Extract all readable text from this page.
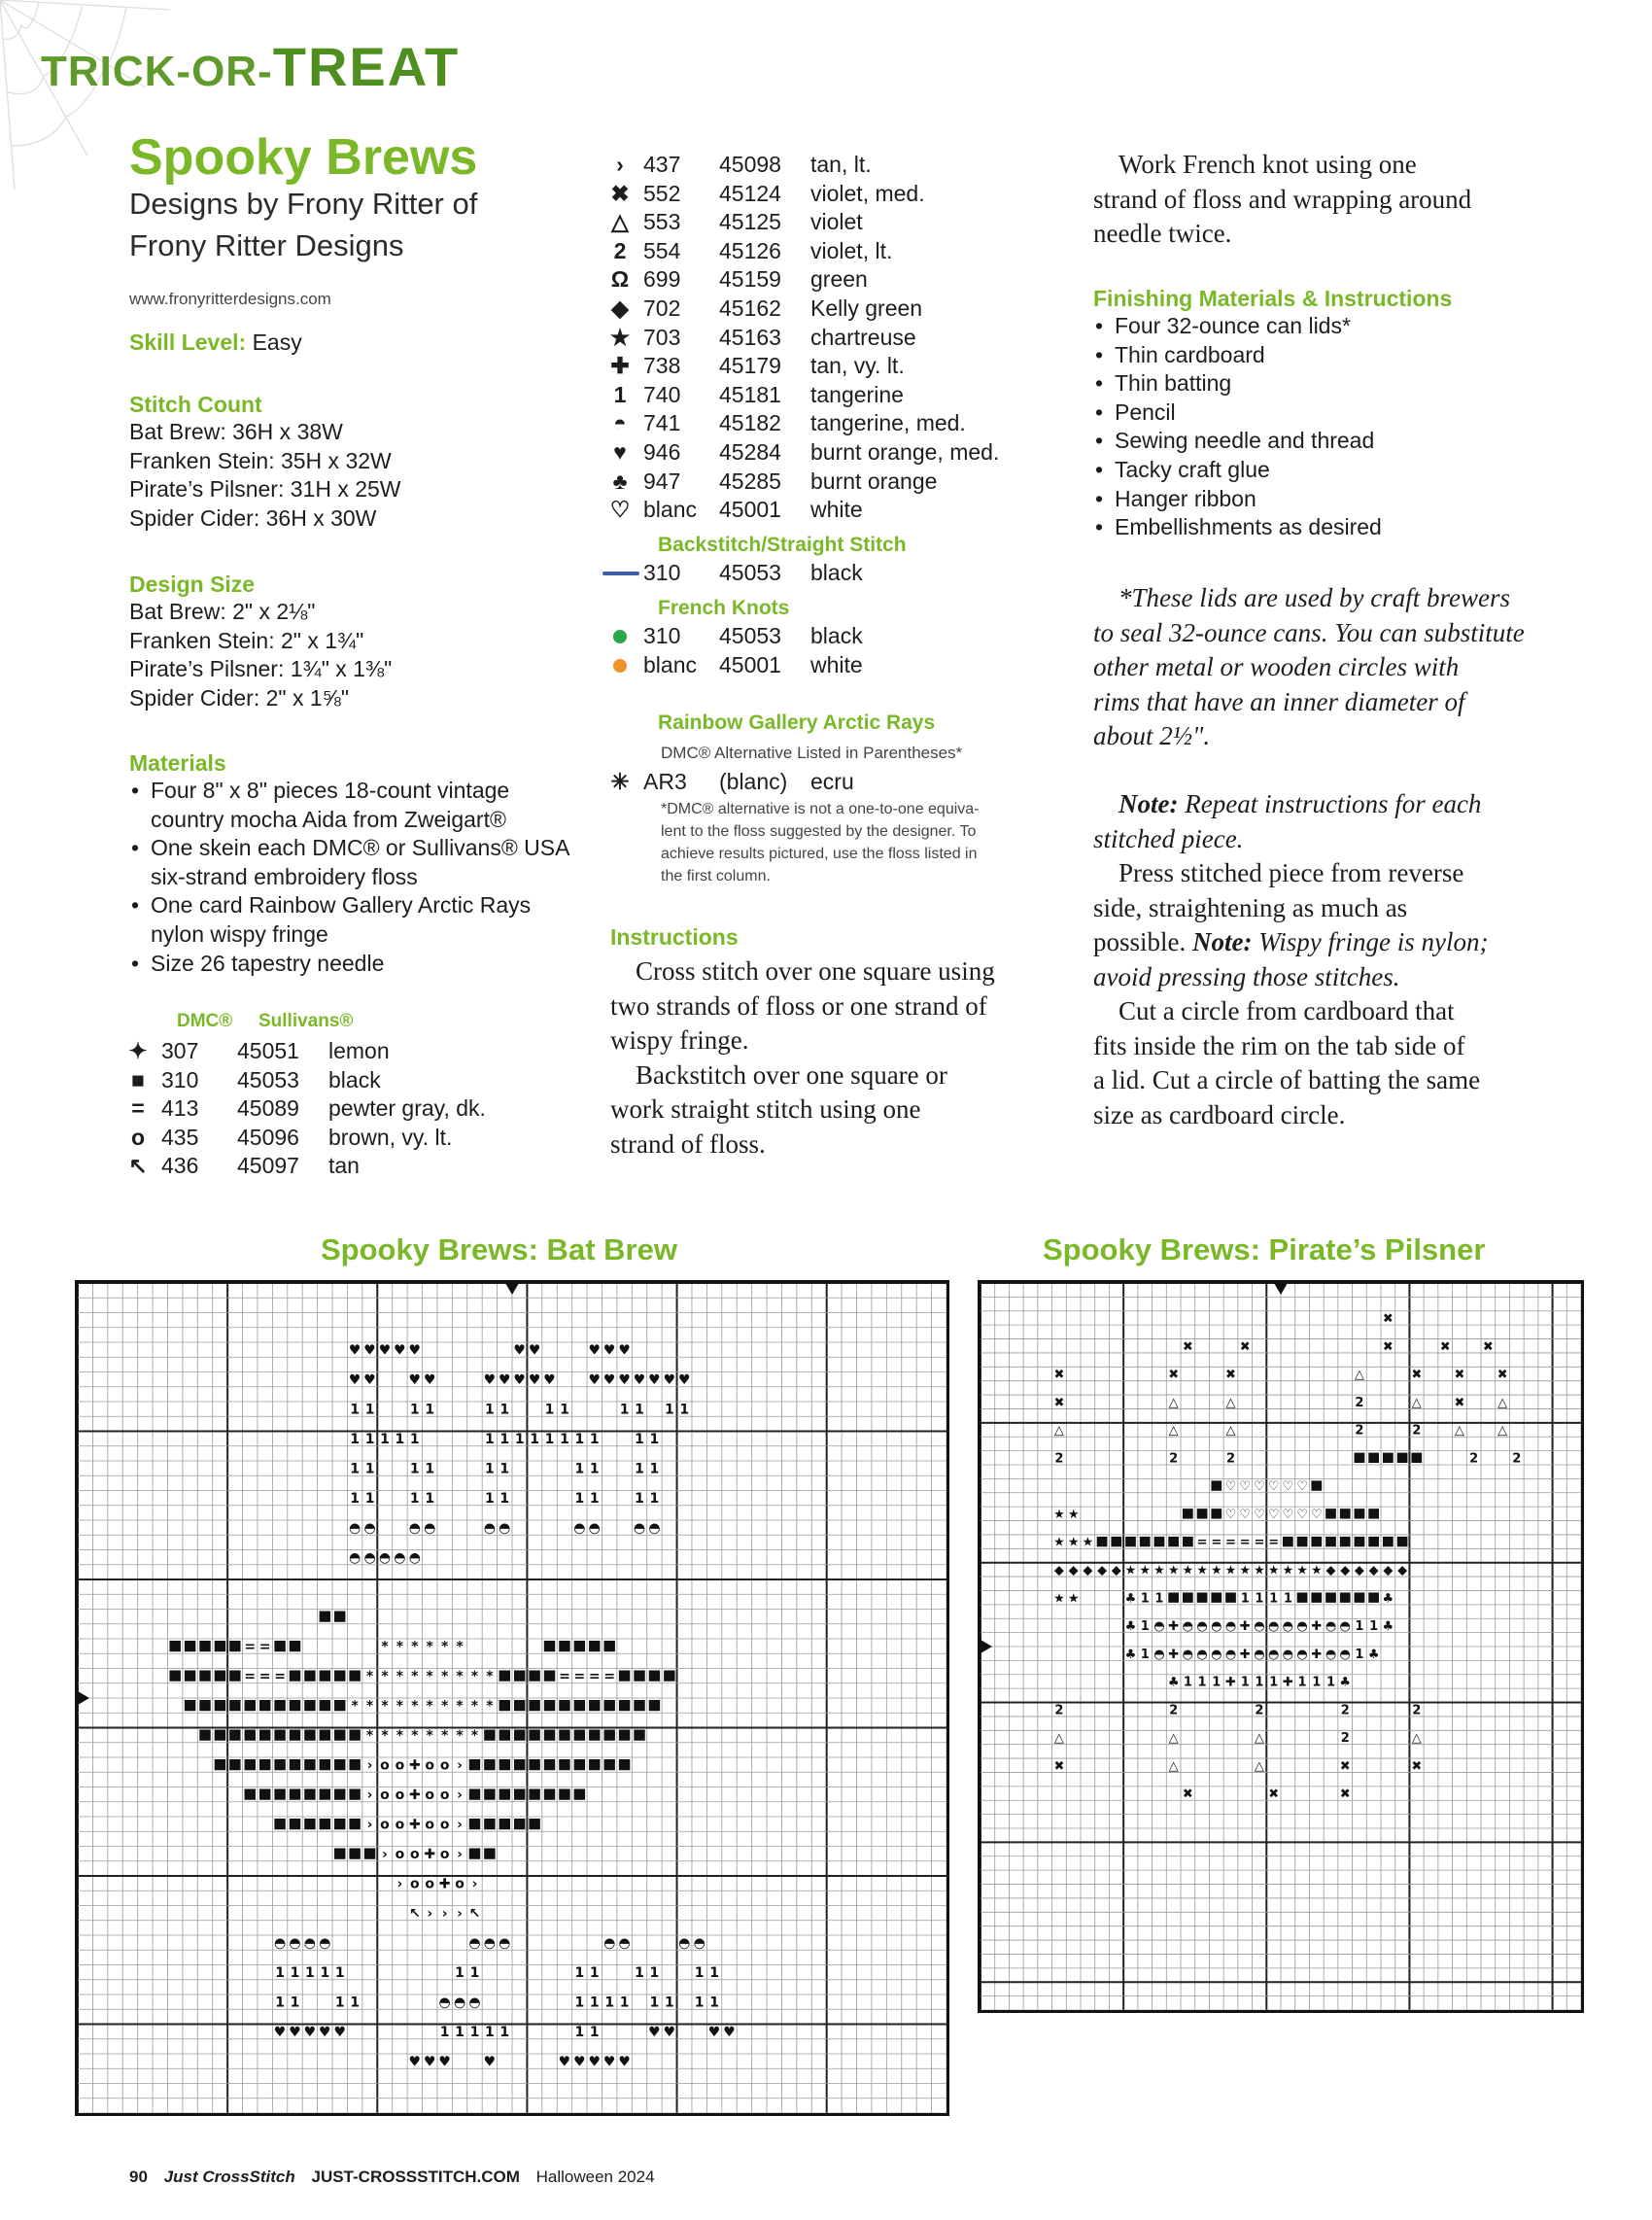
TRICK-OR-TREAT
Spooky Brews
Designs by Frony Ritter of
Frony Ritter Designs
www.fronyritterdesigns.com
Skill Level: Easy
Stitch Count
Bat Brew: 36H x 38W
Franken Stein: 35H x 32W
Pirate’s Pilsner: 31H x 25W
Spider Cider: 36H x 30W
Design Size
Bat Brew: 2" x 2⅛"
Franken Stein: 2" x 1¾"
Pirate’s Pilsner: 1¾" x 1⅜"
Spider Cider: 2" x 1⅝"
Materials
• Four 8" x 8" pieces 18-count vintage country mocha Aida from Zweigart®
• One skein each DMC® or Sullivans® USA six-strand embroidery floss
• One card Rainbow Gallery Arctic Rays nylon wispy fringe
• Size 26 tapestry needle
DMC® Sullivans®
✦ 307	45051	lemon
■ 310	45053	black
= 413	45089	pewter gray, dk.
o 435	45096	brown, vy. lt.
↖ 436	45097	tan
› 437	45098	tan, lt.
✖ 552	45124	violet, med.
△ 553	45125	violet
2 554	45126	violet, lt.
Ω 699	45159	green
◆ 702	45162	Kelly green
★ 703	45163	chartreuse
✚ 738	45179	tan, vy. lt.
1 740	45181	tangerine
◓ 741	45182	tangerine, med.
♥ 946	45284	burnt orange, med.
♣ 947	45285	burnt orange
♡ blanc	45001	white
Backstitch/Straight Stitch
310	45053	black
French Knots
310	45053	black
blanc	45001	white
Rainbow Gallery Arctic Rays
DMC® Alternative Listed in Parentheses*
✳ AR3	(blanc)	ecru
*DMC® alternative is not a one-to-one equiva-
lent to the floss suggested by the designer. To
achieve results pictured, use the floss listed in
the first column.
Instructions
Cross stitch over one square using
two strands of floss or one strand of
wispy fringe.
Backstitch over one square or
work straight stitch using one
strand of floss.
Work French knot using one
strand of floss and wrapping around
needle twice.
Finishing Materials & Instructions
• Four 32-ounce can lids*
• Thin cardboard
• Thin batting
• Pencil
• Sewing needle and thread
• Tacky craft glue
• Hanger ribbon
• Embellishments as desired
*These lids are used by craft brewers
to seal 32-ounce cans. You can substitute
other metal or wooden circles with
rims that have an inner diameter of
about 2½".
Note: Repeat instructions for each
stitched piece.
Press stitched piece from reverse
side, straightening as much as
possible. Note: Wispy fringe is nylon;
avoid pressing those stitches.
Cut a circle from cardboard that
fits inside the rim on the tab side of
a lid. Cut a circle of batting the same
size as cardboard circle.
Spooky Brews: Bat Brew	Spooky Brews: Pirate’s Pilsner
♥ ♥ ♥ ♥ ♥	♥ ♥	♥ ♥ ♥
♥ ♥ ♥ ♥	♥ ♥ ♥ ♥ ♥ ♥ ♥ ♥ ♥ ♥ ♥ ♥
1 1	1 1	1 1	1 1	1 1 1 1
1 1 1 1 1	1 1 1 1 1 1 1 1	1 1
1 1	1 1	1 1	1 1	1 1
1 1	1 1	1 1	1 1	1 1
◓ ◓ ◓ ◓	◓ ◓	◓ ◓ ◓ ◓
◓ ◓ ◓ ◓ ◓
= =	* * * * * *
= = =	* * * * * * * * *	= = = =
* * * * * * * * * *
* * * * * * * *
› o o ✚ o o ›
› o o ✚ o o ›
› o o ✚ o o ›
› o o ✚ o ›
› o o ✚ o ›
↖ › › › ↖
◓ ◓ ◓ ◓	◓ ◓ ◓	◓ ◓	◓ ◓
1 1 1 1 1	1 1	1 1	1 1	1 1
1 1	1 1	◓ ◓ ◓	1 1 1 1 1 1 1 1
♥ ♥ ♥ ♥ ♥	1 1 1 1 1	1 1	♥ ♥ ♥ ♥
♥ ♥ ♥ ♥	♥ ♥ ♥ ♥ ♥
✖
✖	✖	✖	✖	✖
✖	✖	✖	△	✖	✖	✖
✖	△	△	2	△	✖	△
△	△	△	2	2	△	△
2	2	2	2	2
♡ ♡ ♡ ♡ ♡ ♡
★ ★	♡ ♡ ♡ ♡ ♡ ♡ ♡
★ ★ ★	= = = = = =
◆ ◆ ◆ ◆ ◆ ★ ★ ★ ★ ★ ★ ★ ★ ★ ★ ★ ★ ★ ★ ◆ ◆ ◆ ◆ ◆ ◆
★ ★	♣ 1 1	1 1 1 1	♣
♣ 1 ◓ ✚ ◓ ◓ ◓ ◓ ✚ ◓ ◓ ◓ ◓ ✚ ◓ ◓ 1 1 ♣
♣ 1 ◓ ✚ ◓ ◓ ◓ ◓ ✚ ◓ ◓ ◓ ◓ ✚ ◓ ◓ 1 ♣
♣ 1 1 1 ✚ 1 1 1 ✚ 1 1 1 ♣
2	2	2	2	2
△	△	△	2	△
✖	△	△	✖	✖
✖	✖	✖
90 Just CrossStitch JUST-CROSSSTITCH.COM Halloween 2024
